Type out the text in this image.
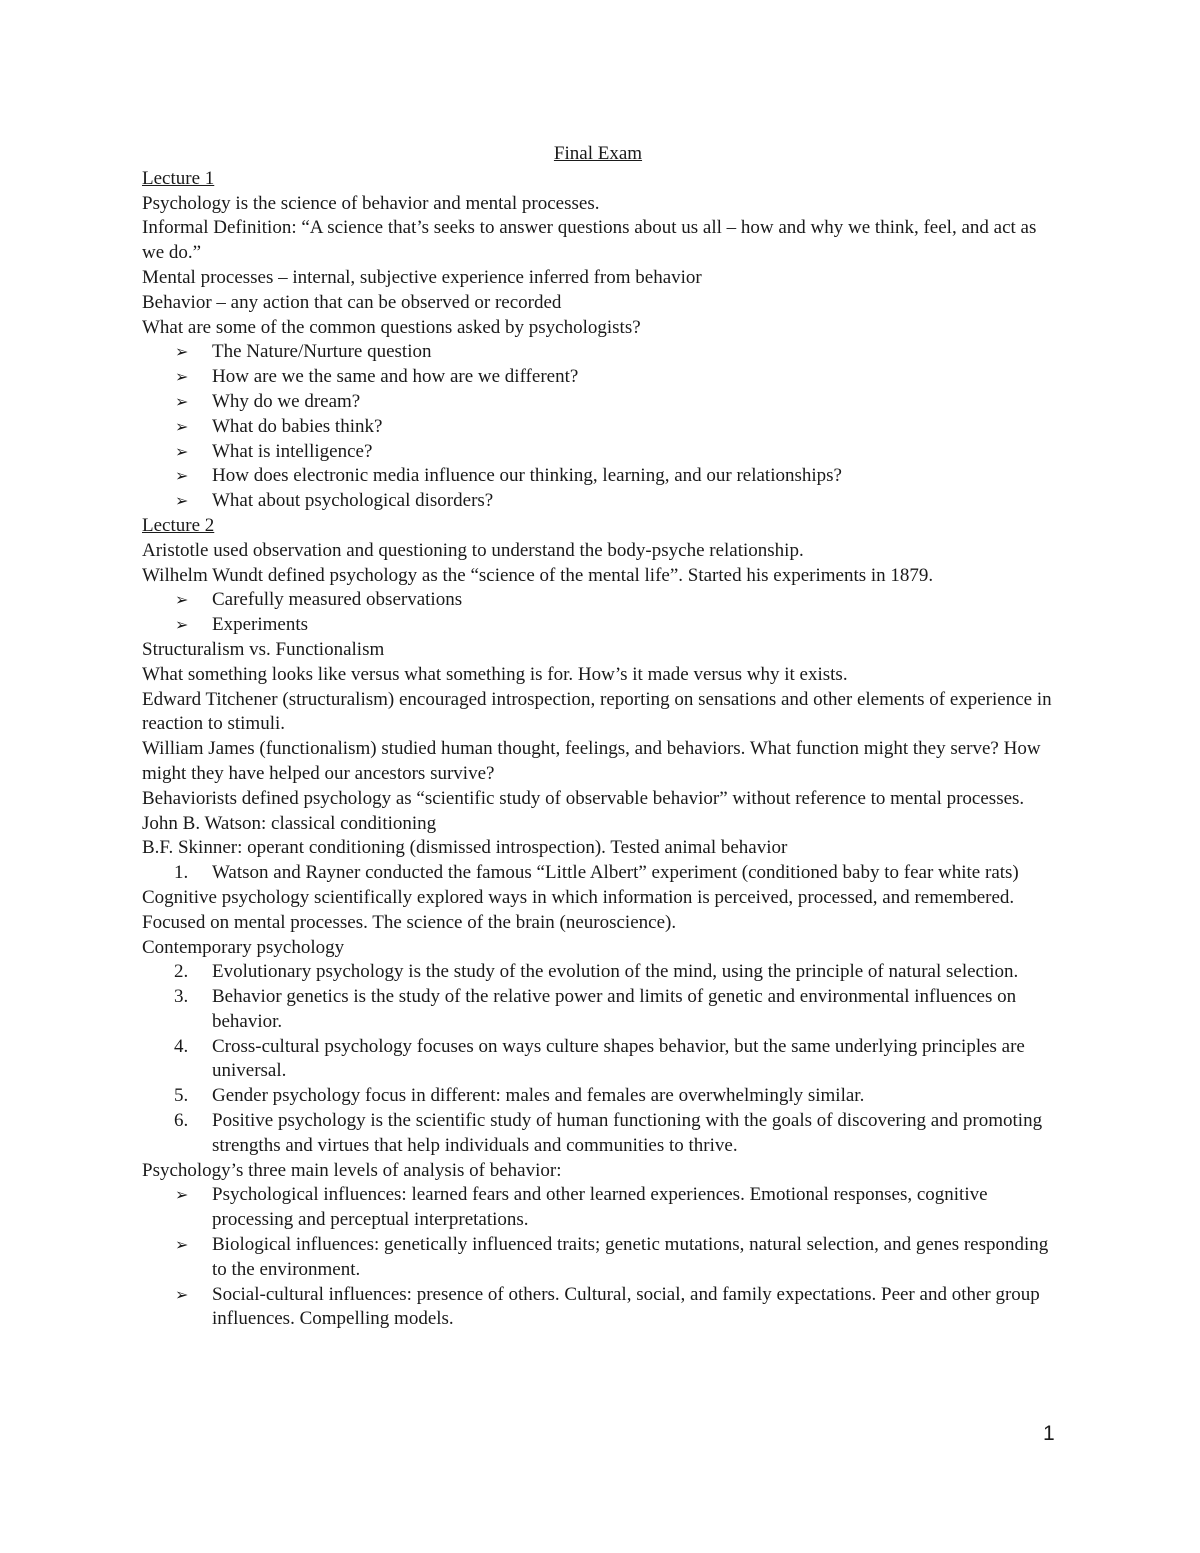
Final Exam
Lecture 1
Psychology is the science of behavior and mental processes.
Informal Definition: “A science that’s seeks to answer questions about us all – how and why we think, feel, and act as we do.”
Mental processes – internal, subjective experience inferred from behavior
Behavior – any action that can be observed or recorded
What are some of the common questions asked by psychologists?
➢	The Nature/Nurture question
➢	How are we the same and how are we different?
➢	Why do we dream?
➢	What do babies think?
➢	What is intelligence?
➢	How does electronic media influence our thinking, learning, and our relationships?
➢	What about psychological disorders?
Lecture 2
Aristotle used observation and questioning to understand the body-psyche relationship.
Wilhelm Wundt defined psychology as the “science of the mental life”. Started his experiments in 1879.
➢	Carefully measured observations
➢	Experiments
Structuralism vs. Functionalism
What something looks like versus what something is for. How’s it made versus why it exists.
Edward Titchener (structuralism) encouraged introspection, reporting on sensations and other elements of experience in reaction to stimuli.
William James (functionalism) studied human thought, feelings, and behaviors. What function might they serve? How might they have helped our ancestors survive?
Behaviorists defined psychology as “scientific study of observable behavior” without reference to mental processes.
John B. Watson: classical conditioning
B.F. Skinner: operant conditioning (dismissed introspection). Tested animal behavior
1.	Watson and Rayner conducted the famous “Little Albert” experiment (conditioned baby to fear white rats)
Cognitive psychology scientifically explored ways in which information is perceived, processed, and remembered. Focused on mental processes. The science of the brain (neuroscience).
Contemporary psychology
2.	Evolutionary psychology is the study of the evolution of the mind, using the principle of natural selection.
3.	Behavior genetics is the study of the relative power and limits of genetic and environmental influences on behavior.
4.	Cross-cultural psychology focuses on ways culture shapes behavior, but the same underlying principles are universal.
5.	Gender psychology focus in different: males and females are overwhelmingly similar.
6.	Positive psychology is the scientific study of human functioning with the goals of discovering and promoting strengths and virtues that help individuals and communities to thrive.
Psychology’s three main levels of analysis of behavior:
➢	Psychological influences: learned fears and other learned experiences. Emotional responses, cognitive processing and perceptual interpretations.
➢	Biological influences: genetically influenced traits; genetic mutations, natural selection, and genes responding to the environment.
➢	Social-cultural influences: presence of others. Cultural, social, and family expectations. Peer and other group influences. Compelling models.
1
